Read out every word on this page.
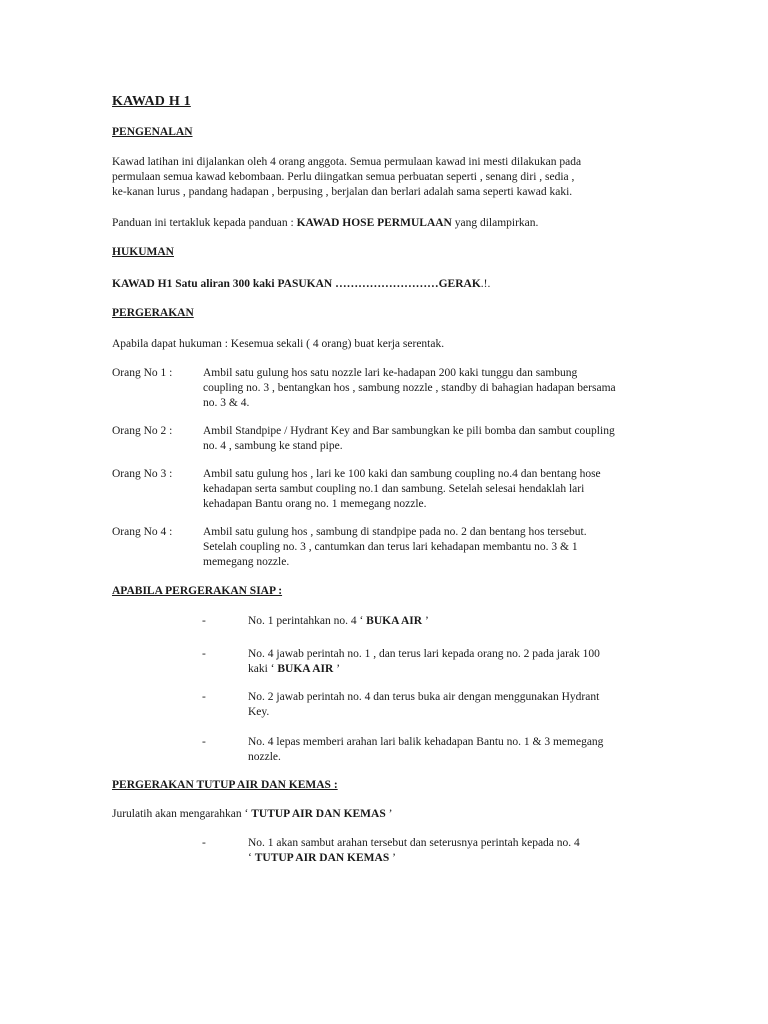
KAWAD H 1
PENGENALAN

Kawad latihan ini dijalankan oleh 4 orang anggota. Semua permulaan kawad ini mesti dilakukan pada

permulaan semua kawad kebombaan. Perlu diingatkan semua perbuatan seperti , senang diri , sedia ,

ke-kanan lurus , pandang hadapan , berpusing , berjalan dan berlari adalah sama seperti kawad kaki.

Panduan ini tertakluk kepada panduan : KAWAD HOSE PERMULAAN yang dilampirkan.
HUKUMAN
KAWAD H1 Satu aliran 300 kaki PASUKAN ………………………GERAK.!.
PERGERAKAN
Apabila dapat hukuman : Kesemua sekali ( 4 orang) buat kerja serentak.
Orang No 1 :	Ambil satu gulung hos satu nozzle lari ke-hadapan 200 kaki tunggu dan sambung
coupling no. 3 , bentangkan hos , sambung nozzle , standby di bahagian hadapan bersama
no. 3 & 4.
Orang No 2 :	Ambil Standpipe / Hydrant Key and Bar sambungkan ke pili bomba dan sambut coupling
no. 4 , sambung ke stand pipe.
Orang No 3 :	Ambil satu gulung hos , lari ke 100 kaki dan sambung coupling no.4 dan bentang hose
kehadapan serta sambut coupling no.1 dan sambung. Setelah selesai hendaklah lari
kehadapan Bantu orang no. 1 memegang nozzle.
Orang No 4 :	Ambil satu gulung hos , sambung di standpipe pada no. 2 dan bentang hos tersebut.
Setelah coupling no. 3 , cantumkan dan terus lari kehadapan membantu no. 3 & 1
memegang nozzle.
APABILA PERGERAKAN SIAP :
-	No. 1 perintahkan no. 4 ‘ BUKA AIR ’
-	No. 4 jawab perintah no. 1 , dan terus lari kepada orang no. 2 pada jarak 100
kaki ‘ BUKA AIR ’
-	No. 2 jawab perintah no. 4 dan terus buka air dengan menggunakan Hydrant
Key.
-	No. 4 lepas memberi arahan lari balik kehadapan Bantu no. 1 & 3 memegang
nozzle.
PERGERAKAN TUTUP AIR DAN KEMAS :
Jurulatih akan mengarahkan ‘ TUTUP AIR DAN KEMAS ’
-	No. 1 akan sambut arahan tersebut dan seterusnya perintah kepada no. 4
‘ TUTUP AIR DAN KEMAS ’
